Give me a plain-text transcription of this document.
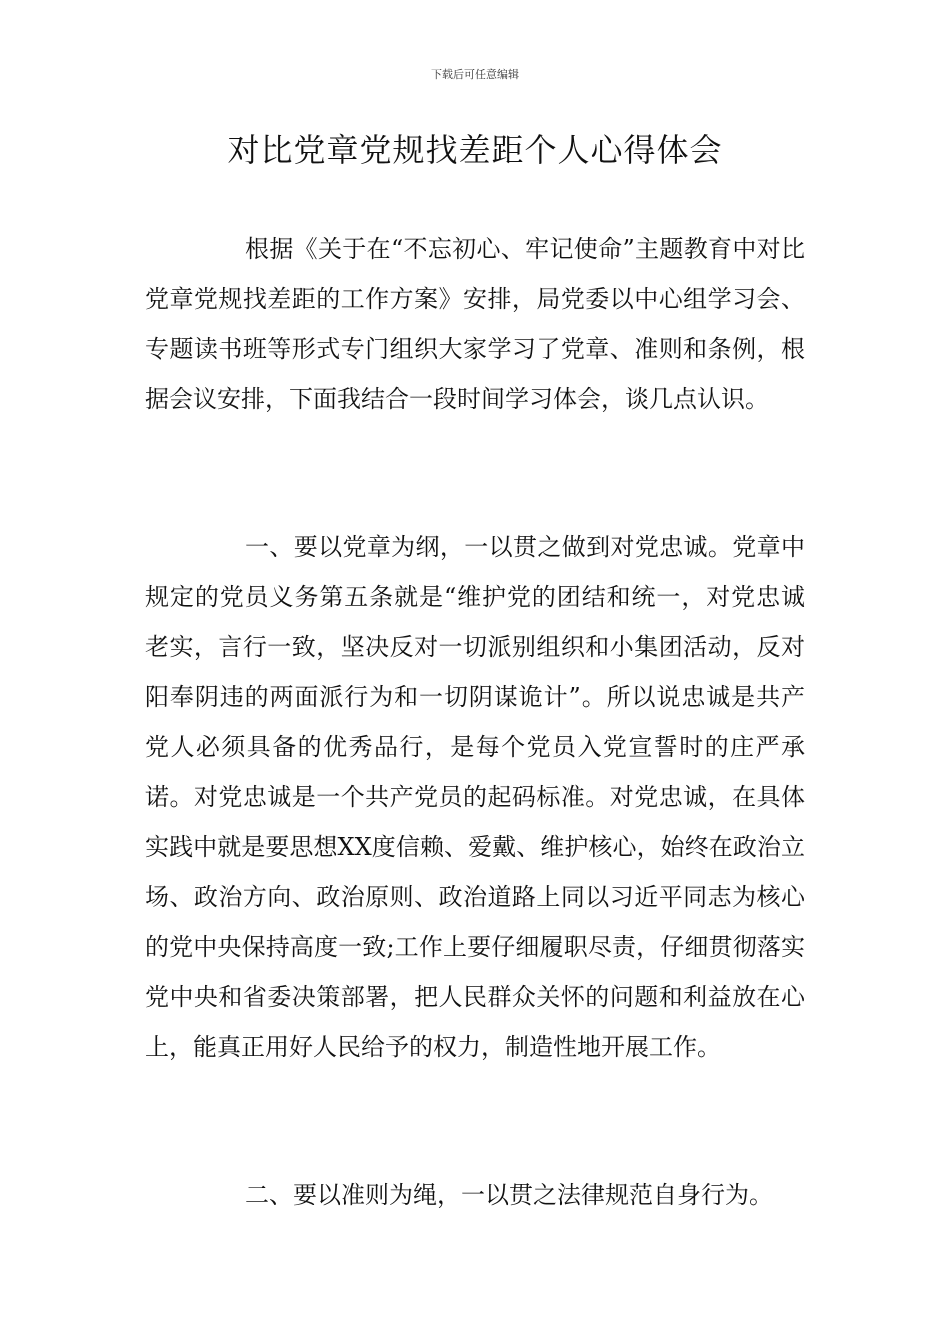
下载后可任意编辑
对比党章党规找差距个人心得体会

根据《关于在“不忘初心、牢记使命”主题教育中对比党章党规找差距的工作方案》安排，局党委以中心组学习会、专题读书班等形式专门组织大家学习了党章、准则和条例，根据会议安排，下面我结合一段时间学习体会，谈几点认识。

一、要以党章为纲，一以贯之做到对党忠诚。党章中规定的党员义务第五条就是“维护党的团结和统一，对党忠诚老实，言行一致，坚决反对一切派别组织和小集团活动，反对阳奉阴违的两面派行为和一切阴谋诡计”。所以说忠诚是共产党人必须具备的优秀品行，是每个党员入党宣誓时的庄严承诺。对党忠诚是一个共产党员的起码标准。对党忠诚，在具体实践中就是要思想XX度信赖、爱戴、维护核心，始终在政治立场、政治方向、政治原则、政治道路上同以习近平同志为核心的党中央保持高度一致;工作上要仔细履职尽责，仔细贯彻落实党中央和省委决策部署，把人民群众关怀的问题和利益放在心上，能真正用好人民给予的权力，制造性地开展工作。

二、要以准则为绳，一以贯之法律规范自身行为。
